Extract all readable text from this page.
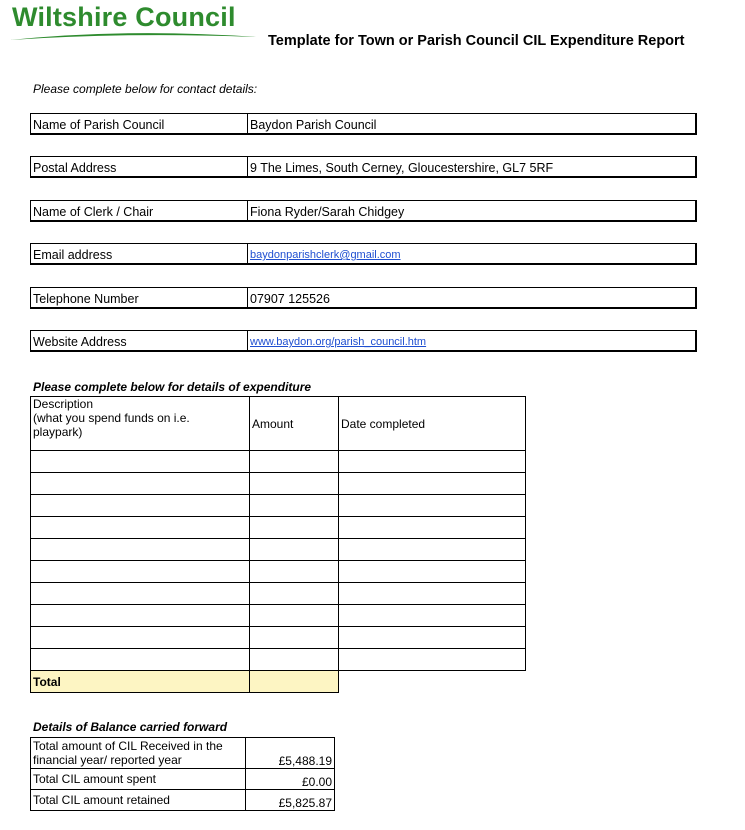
Wiltshire Council
Template for Town or Parish Council CIL Expenditure Report
Please complete below for contact details:
Name of Parish Council	Baydon Parish Council
Postal Address	9 The Limes, South Cerney, Gloucestershire, GL7 5RF
Name of Clerk / Chair	Fiona Ryder/Sarah Chidgey
Email address	baydonparishclerk@gmail.com
Telephone Number	07907 125526
Website Address	www.baydon.org/parish_council.htm
Please complete below for details of expenditure
Description
(what you spend funds on i.e.
playpark)	Amount	Date completed

Total		
Details of Balance carried forward
Total amount of CIL Received in the
financial year/ reported year	£5,488.19
Total CIL amount spent	£0.00
Total CIL amount retained	£5,825.87
